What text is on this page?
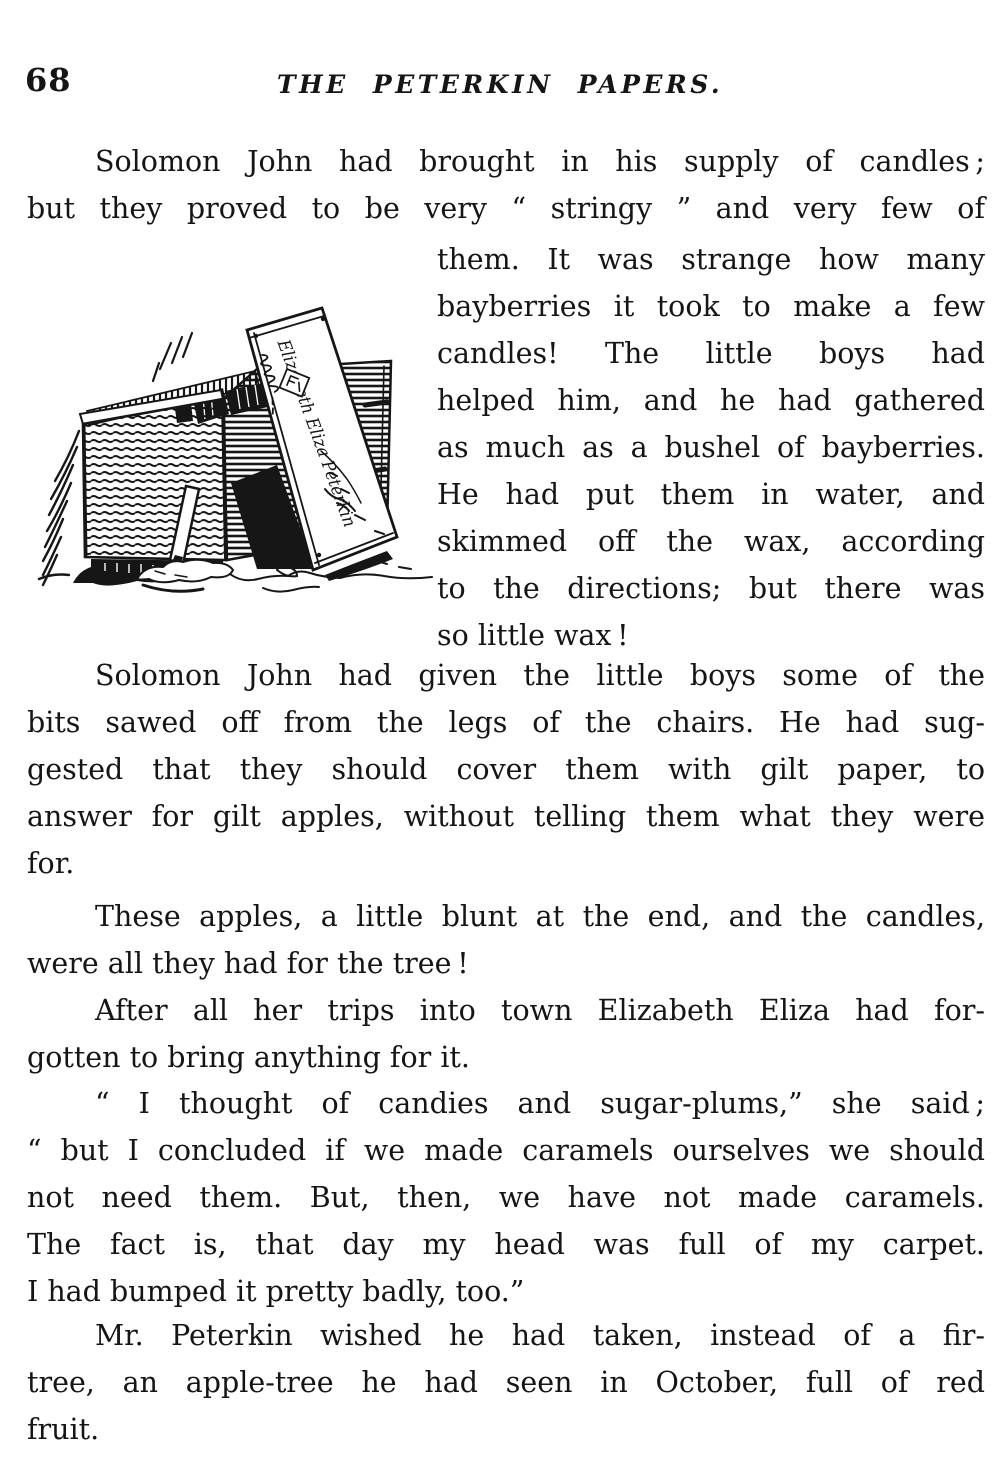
68	THE PETERKIN PAPERS.
Solomon John had brought in his supply of candles ;
but they proved to be very “ stringy ” and very few of
them. It was strange how many
bayberries it took to make a few
candles! The little boys had
helped him, and he had gathered
as much as a bushel of bayberries.
He had put them in water, and
skimmed off the wax, according
to the directions; but there was
so little wax !
Elizabeth Eliza Peterkin
Solomon John had given the little boys some of the
bits sawed off from the legs of the chairs. He had sug-
gested that they should cover them with gilt paper, to
answer for gilt apples, without telling them what they were
for.
These apples, a little blunt at the end, and the candles,
were all they had for the tree !
After all her trips into town Elizabeth Eliza had for-
gotten to bring anything for it.
“ I thought of candies and sugar-plums,” she said ;
“ but I concluded if we made caramels ourselves we should
not need them. But, then, we have not made caramels.
The fact is, that day my head was full of my carpet.
I had bumped it pretty badly, too.”
Mr. Peterkin wished he had taken, instead of a fir-
tree, an apple-tree he had seen in October, full of red
fruit.
